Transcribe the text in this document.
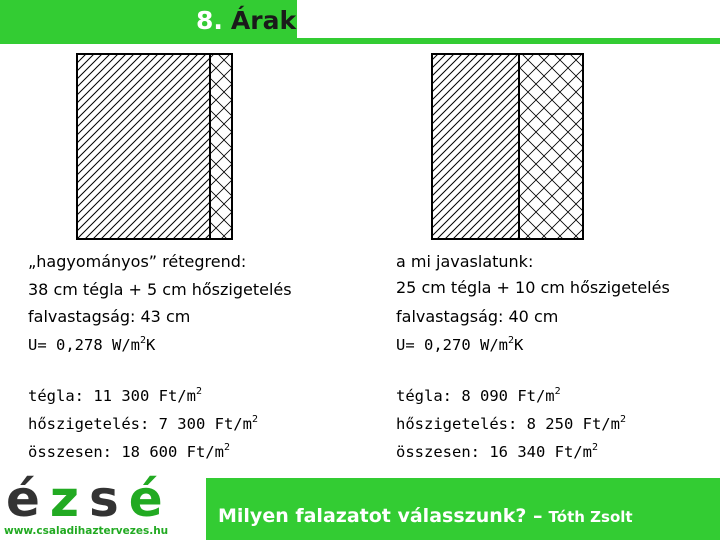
8. Árak
„hagyományos” rétegrend:
38 cm tégla + 5 cm hőszigetelés
falvastagság: 43 cm
U= 0,278 $W/m^2K$
tégla: 11 300 $Ft/m^2$
hőszigetelés: 7 300 $Ft/m^2$
összesen: 18 600 $Ft/m^2$
a mi javaslatunk:
25 cm tégla + 10 cm hőszigetelés
falvastagság: 40 cm
U= 0,270 $W/m^2K$
tégla: 8 090 $Ft/m^2$
hőszigetelés: 8 250 $Ft/m^2$
összesen: 16 340 $Ft/m^2$
ézsé
www.csaladihaztervezes.hu
Milyen falazatot válasszunk? – Tóth Zsolt
